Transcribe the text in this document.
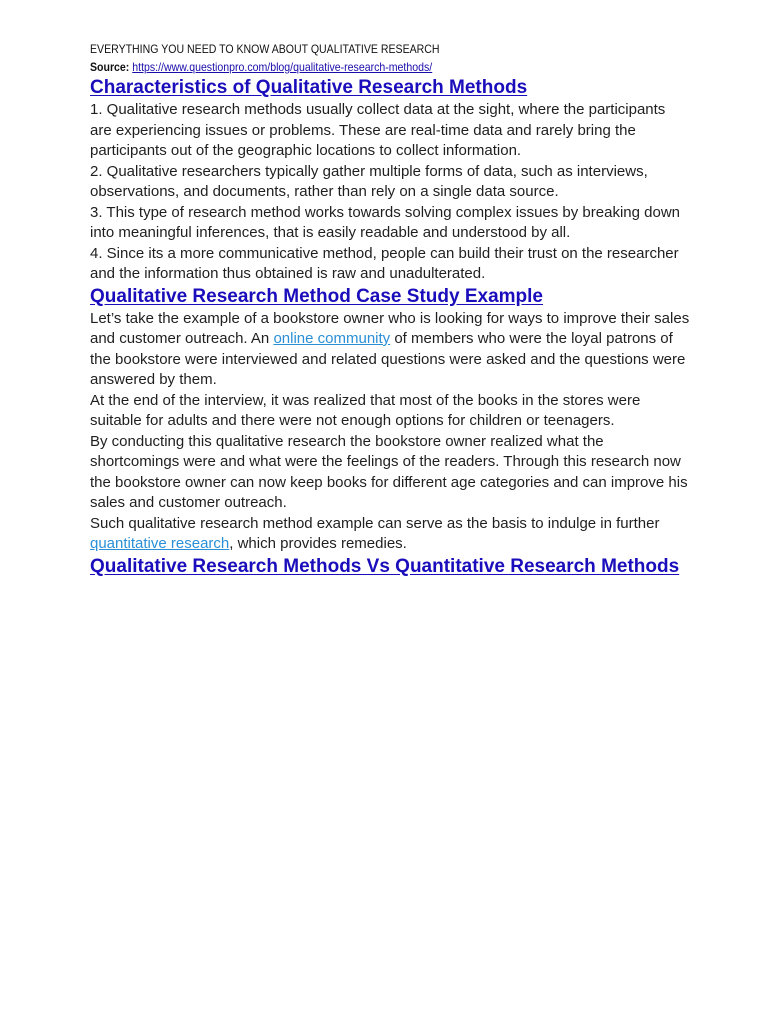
EVERYTHING YOU NEED TO KNOW ABOUT QUALITATIVE RESEARCH
Source: https://www.questionpro.com/blog/qualitative-research-methods/
Characteristics of Qualitative Research Methods

1. Qualitative research methods usually collect data at the sight, where the participants are experiencing issues or problems. These are real-time data and rarely bring the participants out of the geographic locations to collect information.

2. Qualitative researchers typically gather multiple forms of data, such as interviews, observations, and documents, rather than rely on a single data source.

3. This type of research method works towards solving complex issues by breaking down into meaningful inferences, that is easily readable and understood by all.

4. Since its a more communicative method, people can build their trust on the researcher and the information thus obtained is raw and unadulterated.

Qualitative Research Method Case Study Example

Let’s take the example of a bookstore owner who is looking for ways to improve their sales and customer outreach. An online community of members who were the loyal patrons of the bookstore were interviewed and related questions were asked and the questions were answered by them.

At the end of the interview, it was realized that most of the books in the stores were suitable for adults and there were not enough options for children or teenagers.

By conducting this qualitative research the bookstore owner realized what the shortcomings were and what were the feelings of the readers. Through this research now the bookstore owner can now keep books for different age categories and can improve his sales and customer outreach.

Such qualitative research method example can serve as the basis to indulge in further quantitative research, which provides remedies.

Qualitative Research Methods Vs Quantitative Research Methods
